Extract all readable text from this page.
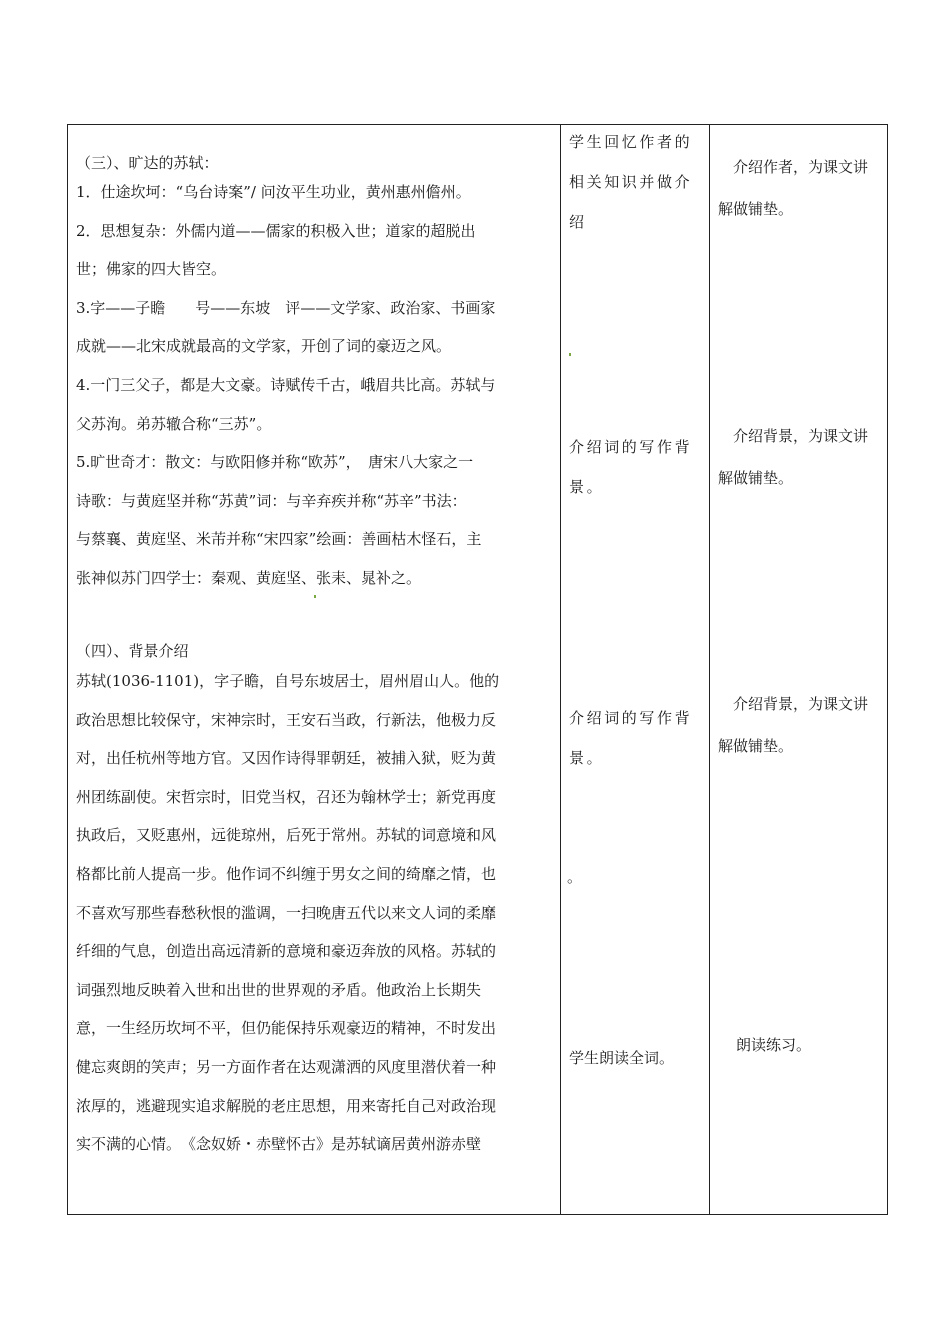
（三）、旷达的苏轼：

1．仕途坎坷：“乌台诗案”/ 问汝平生功业，黄州惠州儋州。

2．思想复杂：外儒内道——儒家的积极入世；道家的超脱出

世；佛家的四大皆空。

3.字——子瞻　　号——东坡　评——文学家、政治家、书画家

成就——北宋成就最高的文学家，开创了词的豪迈之风。

4.一门三父子，都是大文豪。诗赋传千古，峨眉共比高。苏轼与

父苏洵。弟苏辙合称“三苏”。

5.旷世奇才：散文：与欧阳修并称“欧苏”，　唐宋八大家之一

诗歌：与黄庭坚并称“苏黄”词：与辛弃疾并称“苏辛”书法：

与蔡襄、黄庭坚、米芾并称“宋四家”绘画：善画枯木怪石，主

张神似苏门四学士：秦观、黄庭坚、张耒、晁补之。

（四）、背景介绍

苏轼(1036-1101)，字子瞻，自号东坡居士，眉州眉山人。他的

政治思想比较保守，宋神宗时，王安石当政，行新法，他极力反

对，出任杭州等地方官。又因作诗得罪朝廷，被捕入狱，贬为黄

州团练副使。宋哲宗时，旧党当权，召还为翰林学士；新党再度

执政后，又贬惠州，远徙琼州，后死于常州。苏轼的词意境和风

格都比前人提高一步。他作词不纠缠于男女之间的绮靡之情，也

不喜欢写那些春愁秋恨的滥调，一扫晚唐五代以来文人词的柔靡

纤细的气息，创造出高远清新的意境和豪迈奔放的风格。苏轼的

词强烈地反映着入世和出世的世界观的矛盾。他政治上长期失

意，一生经历坎坷不平，但仍能保持乐观豪迈的精神，不时发出

健忘爽朗的笑声；另一方面作者在达观潇洒的风度里潜伏着一种

浓厚的，逃避现实追求解脱的老庄思想，用来寄托自己对政治现

实不满的心情。　《念奴娇・赤壁怀古》是苏轼谪居黄州游赤壁

学生回忆作者的相关知识并做介绍

介绍词的写作背景。

介绍词的写作背景。

。

学生朗读全词。

介绍作者，为课文讲解做铺垫。

介绍背景，为课文讲解做铺垫。

介绍背景，为课文讲解做铺垫。

朗读练习。
